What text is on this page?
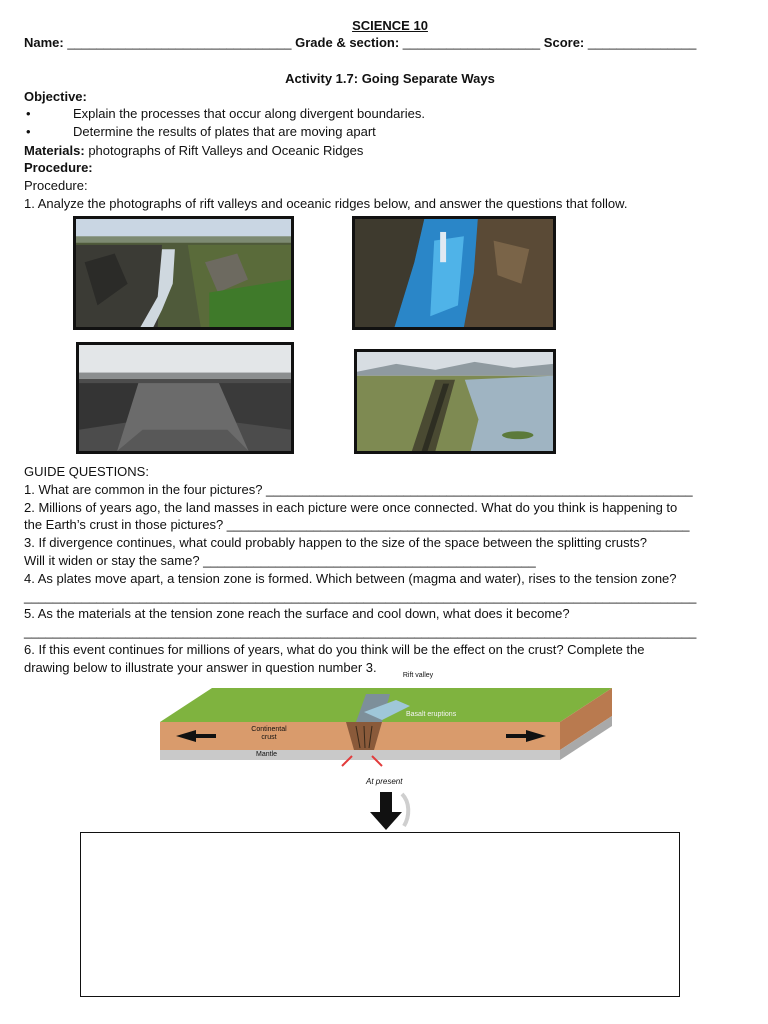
SCIENCE 10
Name: _______________________________ Grade & section: ___________________ Score: _______________
Activity 1.7: Going Separate Ways
Objective:
•	Explain the processes that occur along divergent boundaries.
•	Determine the results of plates that are moving apart
Materials: photographs of Rift Valleys and Oceanic Ridges
Procedure:
Procedure:
1. Analyze the photographs of rift valleys and oceanic ridges below, and answer the questions that follow.
GUIDE QUESTIONS:
1. What are common in the four pictures? ___________________________________________________________
2. Millions of years ago, the land masses in each picture were once connected. What do you think is happening to
the Earth’s crust in those pictures? ________________________________________________________________
3. If divergence continues, what could probably happen to the size of the space between the splitting crusts?
Will it widen or stay the same? ______________________________________________
4. As plates move apart, a tension zone is formed. Which between (magma and water), rises to the tension zone?
_____________________________________________________________________________________________
5. As the materials at the tension zone reach the surface and cool down, what does it become?
_____________________________________________________________________________________________
6. If this event continues for millions of years, what do you think will be the effect on the crust? Complete the
drawing below to illustrate your answer in question number 3.
Rift valley
Basalt eruptions
Continental crust
Mantle
At present
